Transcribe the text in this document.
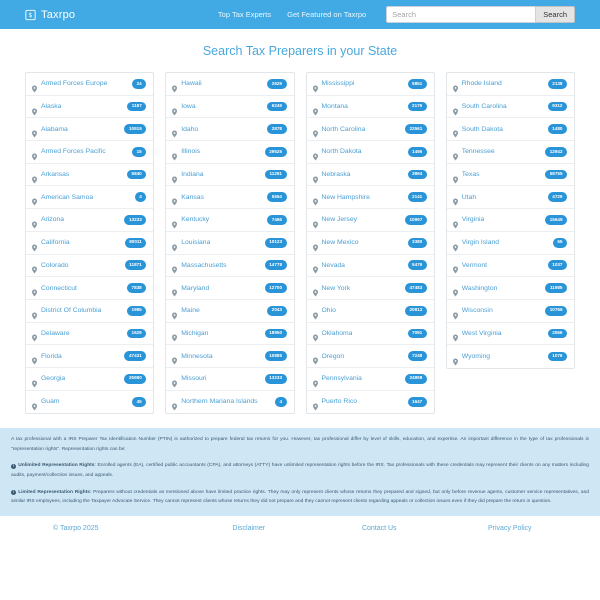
$ Taxrpo	Top Tax Experts Get Featured on Taxrpo
Search	Search
Search Tax Preparers in your State
Armed Forces Europe	24
Alaska	1187
Alabama	10915
Armed Forces Pacific	15
Arkansas	5840
American Samoa	4
Arizona	13233
California	80011
Colorado	11871
Connecticut	7838
District Of Columbia	1985
Delaware	1629
Florida	47431
Georgia	25980
Guam	45
Hawaii	2629
Iowa	6249
Idaho	2878
Illinois	29525
Indiana	11291
Kansas	5554
Kentucky	7466
Louisiana	10123
Massachusetts	14778
Maryland	12700
Maine	2043
Michigan	18950
Minnesota	10885
Missouri	13233
Northern Mariana Islands	4
Mississippi	5851
Montana	2176
North Carolina	22561
North Dakota	1496
Nebraska	3894
New Hampshire	2141
New Jersey	10997
New Mexico	3380
Nevada	5479
New York	47483
Ohio	20812
Oklahoma	7091
Oregon	7248
Pennsylvania	24898
Puerto Rico	1647
Rhode Island	2138
South Carolina	9312
South Dakota	1480
Tennessee	12942
Texas	58755
Utah	4729
Virginia	15649
Virgin Island	65
Vermont	1037
Washington	11985
Wisconsin	10766
West Virginia	2556
Wyoming	1076

A tax professional with a IRS Preparer Tax Identification Number (PTIN) is authorized to prepare federal tax returns for you. However, tax professional differ by level of skills, education, and expertise. An important difference in the type of tax professionals is "representation rights". Representation rights can be:

! Unlimited Representation Rights: Enrolled agents (EA), certified public accountants (CPA), and attorneys (ATTY) have unlimited representation rights before the IRS. Tax professionals with these credentials may represent their clients on any matters including audits, payment/collection issues, and appeals.

! Limited Representation Rights: Preparers without credentials as mentioned above have limited practice rights. They may only represent clients whose returns they prepared and signed, but only before revenue agents, customer service representatives, and similar IRS employees, including the Taxpayer Advocate Service. They cannot represent clients whose returns they did not prepare and they cannot represent clients regarding appeals or collection issues even if they did prepare the return in question.

© Taxrpo 2025	Disclaimer	Contact Us	Privacy Policy
